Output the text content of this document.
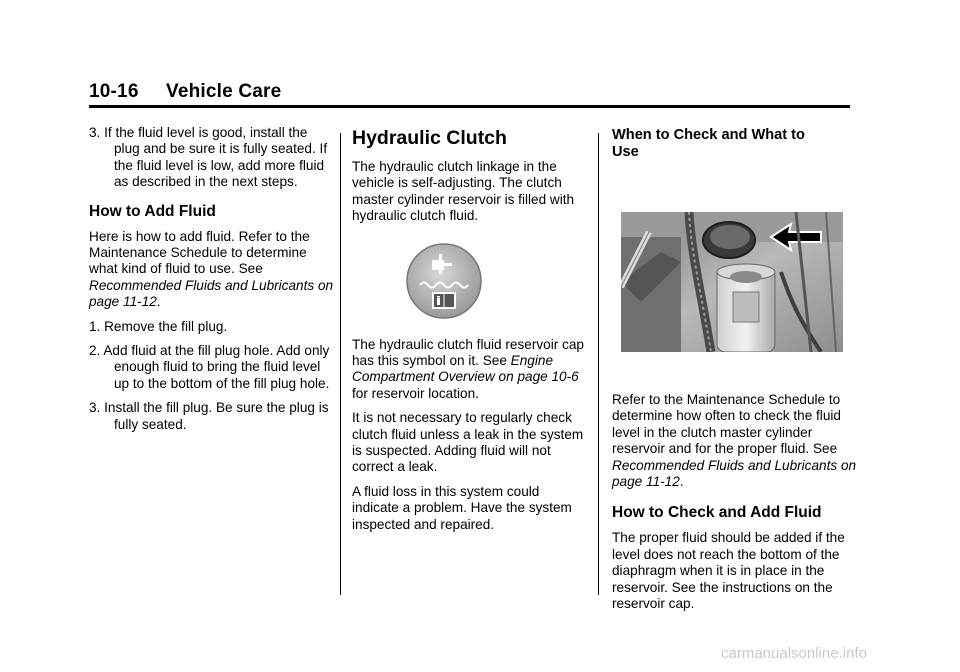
10-16     Vehicle Care

3. If the fluid level is good, install the plug and be sure it is fully seated. If the fluid level is low, add more fluid as described in the next steps.

How to Add Fluid

Here is how to add fluid. Refer to the Maintenance Schedule to determine what kind of fluid to use. See Recommended Fluids and Lubricants on page 11-12.

1. Remove the fill plug.

2. Add fluid at the fill plug hole. Add only enough fluid to bring the fluid level up to the bottom of the fill plug hole.

3. Install the fill plug. Be sure the plug is fully seated.

Hydraulic Clutch

The hydraulic clutch linkage in the vehicle is self-adjusting. The clutch master cylinder reservoir is filled with hydraulic clutch fluid.

The hydraulic clutch fluid reservoir cap has this symbol on it. See Engine Compartment Overview on page 10-6 for reservoir location.

It is not necessary to regularly check clutch fluid unless a leak in the system is suspected. Adding fluid will not correct a leak.

A fluid loss in this system could indicate a problem. Have the system inspected and repaired.

When to Check and What to Use

Refer to the Maintenance Schedule to determine how often to check the fluid level in the clutch master cylinder reservoir and for the proper fluid. See Recommended Fluids and Lubricants on page 11-12.

How to Check and Add Fluid

The proper fluid should be added if the level does not reach the bottom of the diaphragm when it is in place in the reservoir. See the instructions on the reservoir cap.

carmanualsonline.info
